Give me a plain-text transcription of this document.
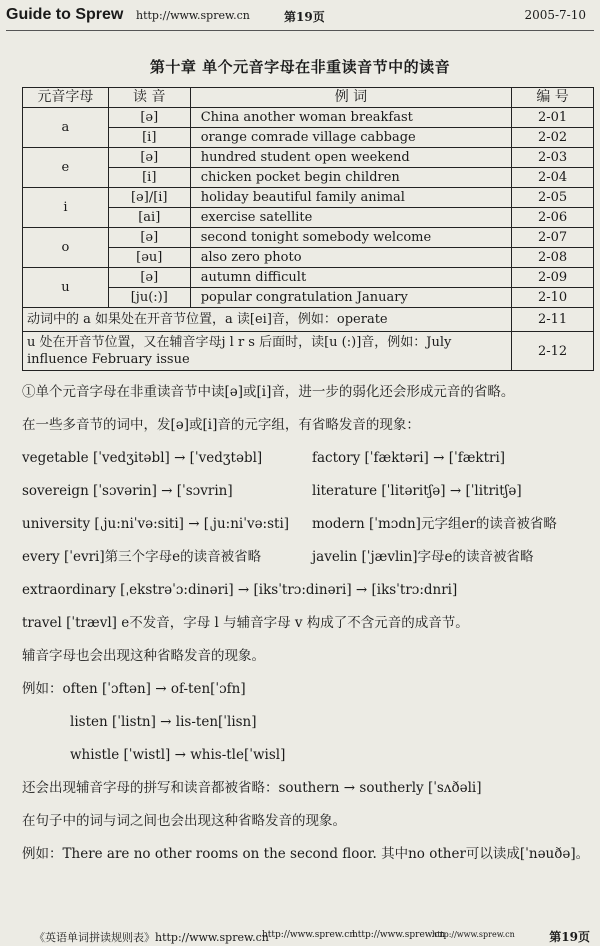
Guide to Sprew http://www.sprew.cn	第19页	2005-7-10
第十章 单个元音字母在非重读音节中的读音
元音字母	读 音	例 词	编 号
a	[ə]	China another woman breakfast	2-01
	[i]	orange comrade village cabbage	2-02
e	[ə]	hundred student open weekend	2-03
	[i]	chicken pocket begin children	2-04
i	[ə]/[i]	holiday beautiful family animal	2-05
	[ai]	exercise satellite	2-06
o	[ə]	second tonight somebody welcome	2-07
	[əu]	also zero photo	2-08
u	[ə]	autumn difficult	2-09
	[ju(:)]	popular congratulation January	2-10
动词中的 a 如果处在开音节位置，a 读[ei]音，例如：operate			2-11

u 处在开音节位置，又在辅音字母j l r s 后面时，读[u (:)]音，例如：July
influence February issue			2-12

①单个元音字母在非重读音节中读[ə]或[i]音，进一步的弱化还会形成元音的省略。

在一些多音节的词中，发[ə]或[i]音的元字组，有省略发音的现象：

vegetable [ˈvedʒitəbl] → [ˈvedʒtəbl]	factory [ˈfæktəri] → [ˈfæktri]
sovereign [ˈsɔvərin] → [ˈsɔvrin]	literature [ˈlitəritʃə] → [ˈlitritʃə]
university [ˌju:niˈvə:siti] → [ˌju:niˈvə:sti]	modern [ˈmɔdn]元字组er的读音被省略
every [ˈevri]第三个字母e的读音被省略	javelin [ˈjævlin]字母e的读音被省略

extraordinary [ˌekstrəˈɔ:dinəri] → [iksˈtrɔ:dinəri] → [iksˈtrɔ:dnri]

travel [ˈtrævl] e不发音，字母 l 与辅音字母 v 构成了不含元音的成音节。

辅音字母也会出现这种省略发音的现象。

例如：often [ˈɔftən] → of-ten[ˈɔfn]

listen [ˈlistn] → lis-ten[ˈlisn]

whistle [ˈwistl] → whis-tle[ˈwisl]

还会出现辅音字母的拼写和读音都被省略：southern → southerly [ˈsʌðəli]

在句子中的词与词之间也会出现这种省略发音的现象。

例如：There are no other rooms on the second floor. 其中no other可以读成[ˈnəuðə]。

《英语单词拼读规则表》http://www.sprew.cn
http://www.sprew.cn
http://www.sprew.cn
http://www.sprew.cn	第19页
